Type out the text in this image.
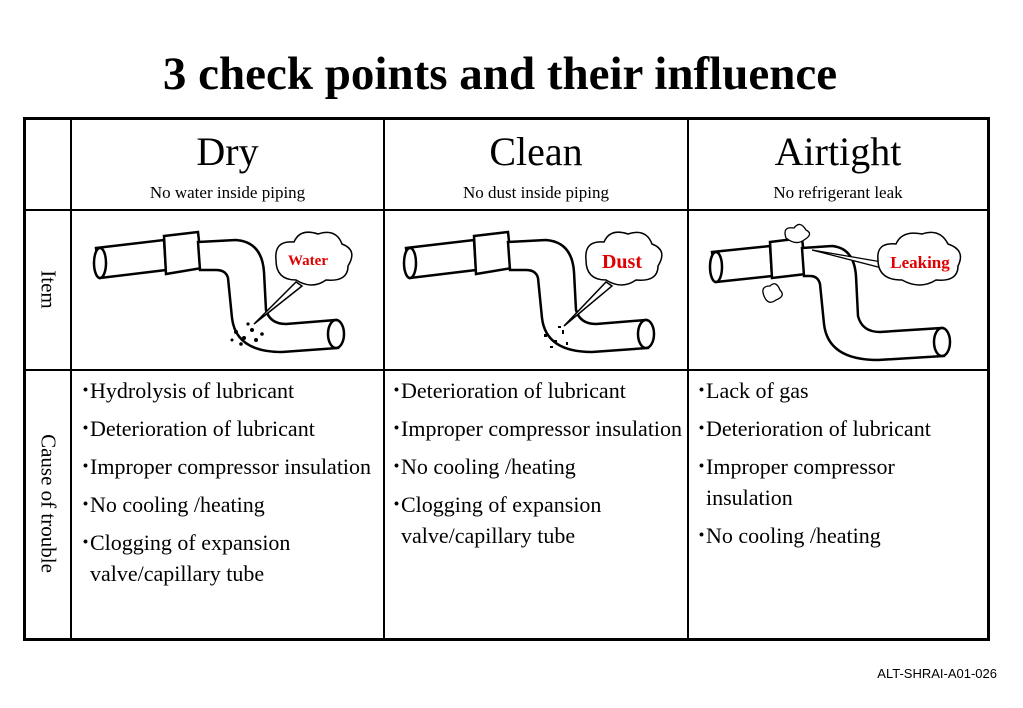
3 check points and their influence
Dry
No water inside piping
Clean
No dust inside piping
Airtight
No refrigerant leak
Item
Cause of trouble
Water	Dust	Leaking
･
Hydrolysis of lubricant
･
Deterioration of lubricant
･
Improper compressor insulation
･
No cooling /heating
･
Clogging of expansion valve/capillary tube
･
Deterioration of lubricant
･
Improper compressor insulation
･
No cooling /heating
･
Clogging of expansion valve/capillary tube
･
Lack of gas
･
Deterioration of lubricant
･
Improper compressor insulation
･
No cooling /heating
ALT-SHRAI-A01-026
